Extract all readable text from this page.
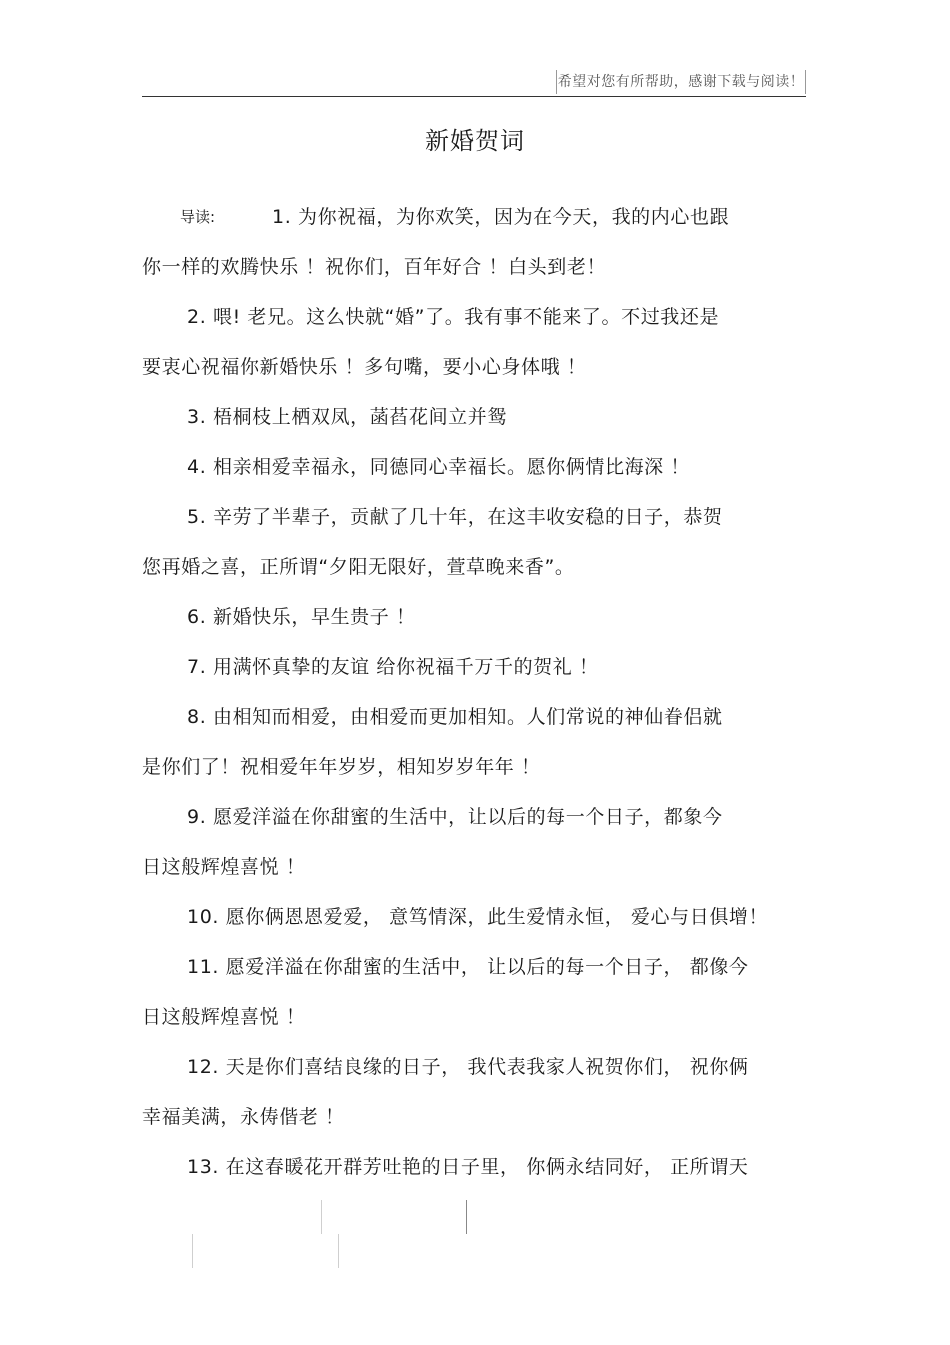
希望对您有所帮助，感谢下载与阅读！
新婚贺词
导读:	1. 为你祝福，为你欢笑，因为在今天，我的内心也跟
你一样的欢腾快乐 ！祝你们，百年好合 ！白头到老！
2. 喂! 老兄。这么快就“婚”了。我有事不能来了。不过我还是
要衷心祝福你新婚快乐 ！多句嘴，要小心身体哦 ！
3. 梧桐枝上栖双凤，菡萏花间立并鸳
4. 相亲相爱幸福永，同德同心幸福长。愿你俩情比海深 ！
5. 辛劳了半辈子，贡献了几十年，在这丰收安稳的日子，恭贺
您再婚之喜，正所谓“夕阳无限好，萱草晚来香”。
6. 新婚快乐，早生贵子 ！
7. 用满怀真挚的友谊 给你祝福千万千的贺礼 ！
8. 由相知而相爱，由相爱而更加相知。人们常说的神仙眷侣就
是你们了！祝相爱年年岁岁，相知岁岁年年 ！
9. 愿爱洋溢在你甜蜜的生活中，让以后的每一个日子，都象今
日这般辉煌喜悦 ！
10. 愿你俩恩恩爱爱， 意笃情深，此生爱情永恒， 爱心与日俱增！
11. 愿爱洋溢在你甜蜜的生活中， 让以后的每一个日子， 都像今
日这般辉煌喜悦 ！
12. 天是你们喜结良缘的日子， 我代表我家人祝贺你们， 祝你俩
幸福美满，永俦偕老 ！
13. 在这春暖花开群芳吐艳的日子里， 你俩永结同好， 正所谓天
